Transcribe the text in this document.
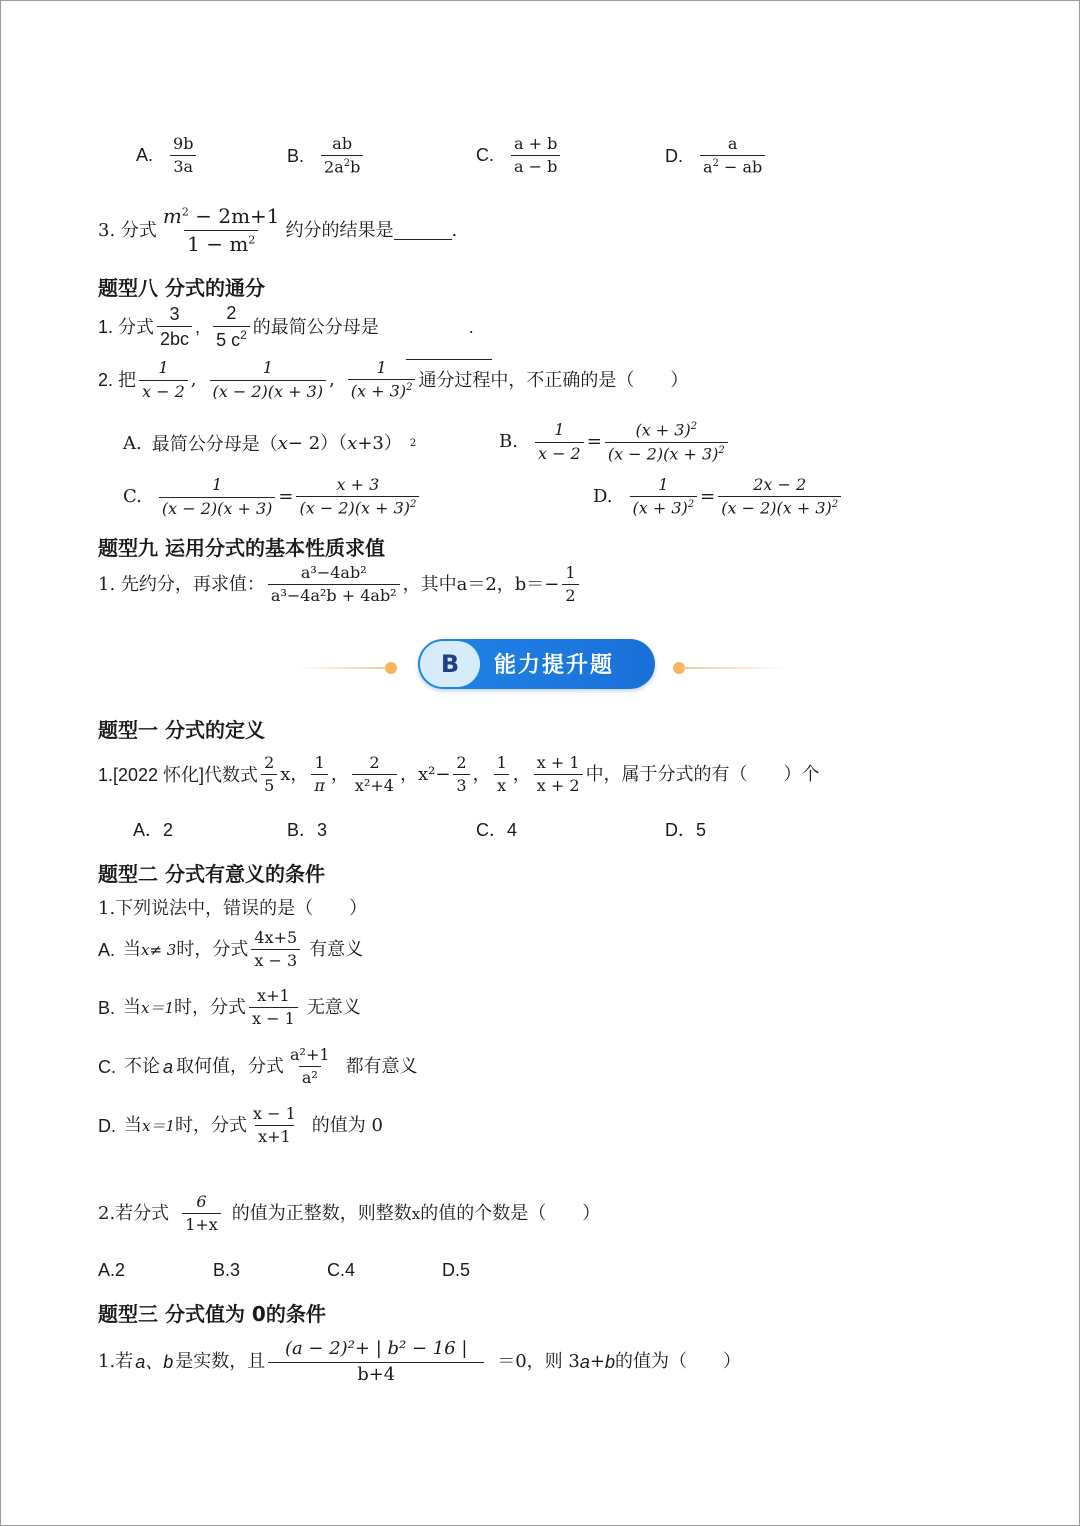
A. $\frac{9b}{3a}$	B. $\frac{ab}{2a^2b}$	C. $\frac{a + b}{a - b}$	D. $\frac{a}{a^2 - ab}$
3. 分式 $\frac{m^2 - 2m+1}{1 - m^2}$ 约分的结果是	.
题型八 分式的通分
1. 分式 $\frac{3}{2bc}$ , $\frac{2}{5 c^2}$ 的最简公分母是	.
2. 把 $\frac{1}{x - 2}$ , $\frac{1}{(x - 2)(x + 3)}$ , $\frac{1}{(x + 3)^2}$ 通分过程中，不正确的是（　　）
A. 最简公分母是（ x − 2）（ x +3） 2	B. $\frac{1}{x - 2} = \frac{(x + 3)^2}{(x - 2)(x + 3)^2}$
C. $\frac{1}{(x - 2)(x + 3)} = \frac{x + 3}{(x - 2)(x + 3)^2}$	D. $\frac{1}{(x + 3)^2} = \frac{2x - 2}{(x - 2)(x + 3)^2}$
题型九 运用分式的基本性质求值
1. 先约分，再求值： $\frac{\text{a³−4ab²}}{\text{a³−4a²b + 4ab²}}$ ，其中a＝2，$b=- \frac{1}{2}$
B	能力提升题
题型一 分式的定义
1.[2022 怀化]代数式 $\frac{2}{5}$ x ， $\frac{1}{\pi}$ ， $\frac{2}{\text{x²+4}}$ ， $x^2- \frac{2}{3}$ ， $\frac{1}{x}$ ， $\frac{x + 1}{x + 2}$ 中，属于分式的有（　　）个
A．2	B．3	C．4	D．5
题型二 分式有意义的条件
1.下列说法中，错误的是（　　）
A. 当 x≠ 3 时，分式 $\frac{4x+5}{x - 3}$ 有意义
B. 当 x＝1 时，分式 $\frac{x+1}{x - 1}$ 无意义
C. 不论 a 取何值，分式 $\frac{\text{a²+1}}{\text{a²}}$ 都有意义
D. 当 x＝1 时，分式 $\frac{x - 1}{x+1}$ 的值为 0
2.若分式 $\frac{6}{1+x}$ 的值为正整数，则整数 x 的值的个数是（　　）
A.2	B.3	C.4	D.5
题型三 分式值为 0的条件
1.若 a、b 是实数，且 $\frac{\text{(a − 2)²+ | b² − 16 |}}{b+4} =0$，则 3 a + b 的值为（　　）
